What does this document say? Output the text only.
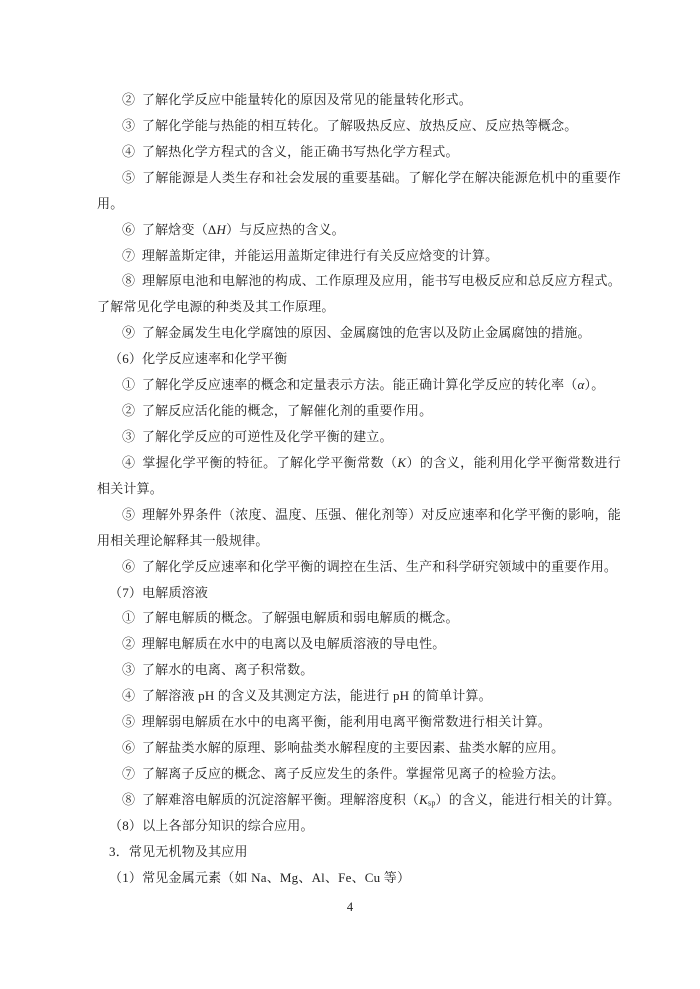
② 了解化学反应中能量转化的原因及常见的能量转化形式。
③ 了解化学能与热能的相互转化。了解吸热反应、放热反应、反应热等概念。
④ 了解热化学方程式的含义，能正确书写热化学方程式。
⑤ 了解能源是人类生存和社会发展的重要基础。了解化学在解决能源危机中的重要作
用。
⑥ 了解焓变（ΔH）与反应热的含义。
⑦ 理解盖斯定律，并能运用盖斯定律进行有关反应焓变的计算。
⑧ 理解原电池和电解池的构成、工作原理及应用，能书写电极反应和总反应方程式。
了解常见化学电源的种类及其工作原理。
⑨ 了解金属发生电化学腐蚀的原因、金属腐蚀的危害以及防止金属腐蚀的措施。
（6）化学反应速率和化学平衡
① 了解化学反应速率的概念和定量表示方法。能正确计算化学反应的转化率（α）。
② 了解反应活化能的概念，了解催化剂的重要作用。
③ 了解化学反应的可逆性及化学平衡的建立。
④ 掌握化学平衡的特征。了解化学平衡常数（K）的含义，能利用化学平衡常数进行
相关计算。
⑤ 理解外界条件（浓度、温度、压强、催化剂等）对反应速率和化学平衡的影响，能
用相关理论解释其一般规律。
⑥ 了解化学反应速率和化学平衡的调控在生活、生产和科学研究领域中的重要作用。
（7）电解质溶液
① 了解电解质的概念。了解强电解质和弱电解质的概念。
② 理解电解质在水中的电离以及电解质溶液的导电性。
③ 了解水的电离、离子积常数。
④ 了解溶液 pH 的含义及其测定方法，能进行 pH 的简单计算。
⑤ 理解弱电解质在水中的电离平衡，能利用电离平衡常数进行相关计算。
⑥ 了解盐类水解的原理、影响盐类水解程度的主要因素、盐类水解的应用。
⑦ 了解离子反应的概念、离子反应发生的条件。掌握常见离子的检验方法。
⑧ 了解难溶电解质的沉淀溶解平衡。理解溶度积（Ksp）的含义，能进行相关的计算。
（8）以上各部分知识的综合应用。
3．常见无机物及其应用
（1）常见金属元素（如 Na、Mg、Al、Fe、Cu 等）
4
